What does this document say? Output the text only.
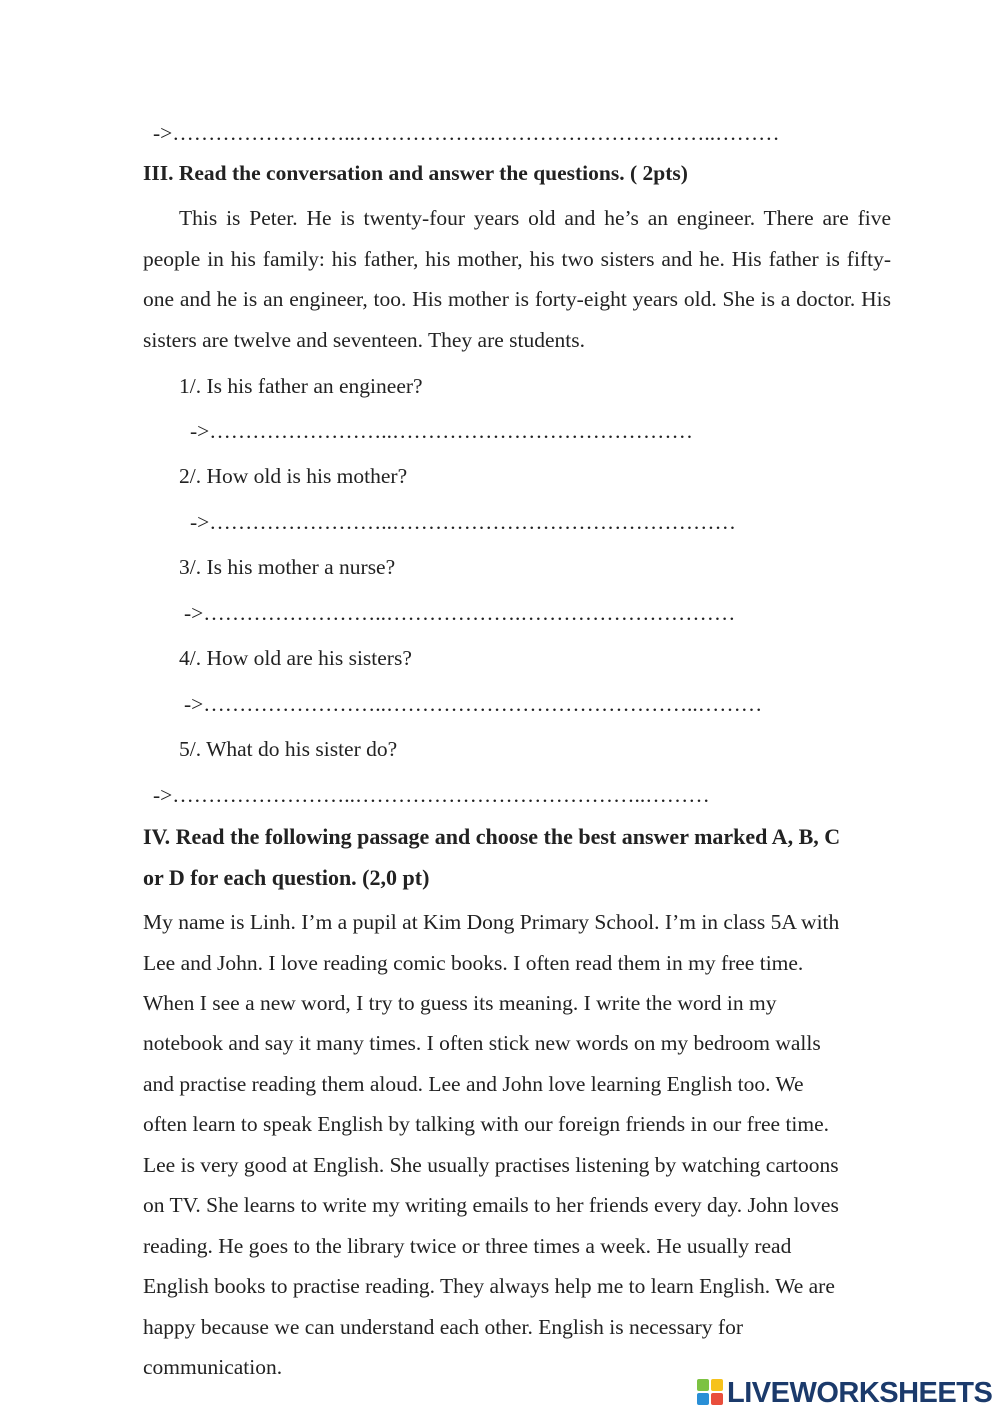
->……………………..……………….…………………………..………
III. Read the conversation and answer the questions. ( 2pts)
This is Peter. He is twenty-four years old and he’s an engineer. There are five people in his family: his father, his mother, his two sisters and he. His father is fifty-one and he is an engineer, too. His mother is forty-eight years old. She is a doctor. His sisters are twelve and seventeen. They are students.
1/. Is his father an engineer?
->……………………..……………………………………
2/. How old is his mother?
->……………………..…………………………………………
3/. Is his mother a nurse?
->……………………..……………….…………………………
4/. How old are his sisters?
->……………………..……………………………………..………
5/. What do his sister do?
->……………………..…………………………………..………
IV. Read the following passage and choose the best answer marked A, B, C
or D for each question. (2,0 pt)
My name is Linh. I’m a pupil at Kim Dong Primary School. I’m in class 5A with
Lee and John. I love reading comic books. I often read them in my free time.
When I see a new word, I try to guess its meaning. I write the word in my
notebook and say it many times. I often stick new words on my bedroom walls
and practise reading them aloud. Lee and John love learning English too. We
often learn to speak English by talking with our foreign friends in our free time.
Lee is very good at English. She usually practises listening by watching cartoons
on TV. She learns to write my writing emails to her friends every day. John loves
reading. He goes to the library twice or three times a week. He usually read
English books to practise reading. They always help me to learn English. We are
happy because we can understand each other. English is necessary for
communication.
LIVEWORKSHEETS
